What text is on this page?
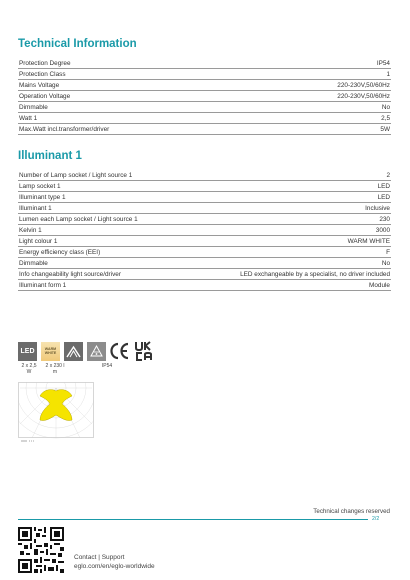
Technical Information
Protection Degree	IP54
Protection Class	1
Mains Voltage	220-230V,50/60Hz
Operation Voltage	220-230V,50/60Hz
Dimmable	No
Watt 1	2,5
Max.Watt incl.transformer/driver	5W
Illuminant 1
Number of Lamp socket / Light source 1	2
Lamp socket 1	LED
Illuminant type 1	LED
Illuminant 1	Inclusive
Lumen each Lamp socket / Light source 1	230
Kelvin 1	3000
Light colour 1	WARM WHITE
Energy efficiency class (EEI)	F
Dimmable	No
Info changeability light source/driver	LED exchangeable by a specialist, no driver included
Illuminant form 1	Module
LED	WARM
WHITE
2 x 2,5
W
2 x 230 l
m
IP54
Technical changes reserved
2/2
Contact | Support
eglo.com/en/eglo-worldwide
